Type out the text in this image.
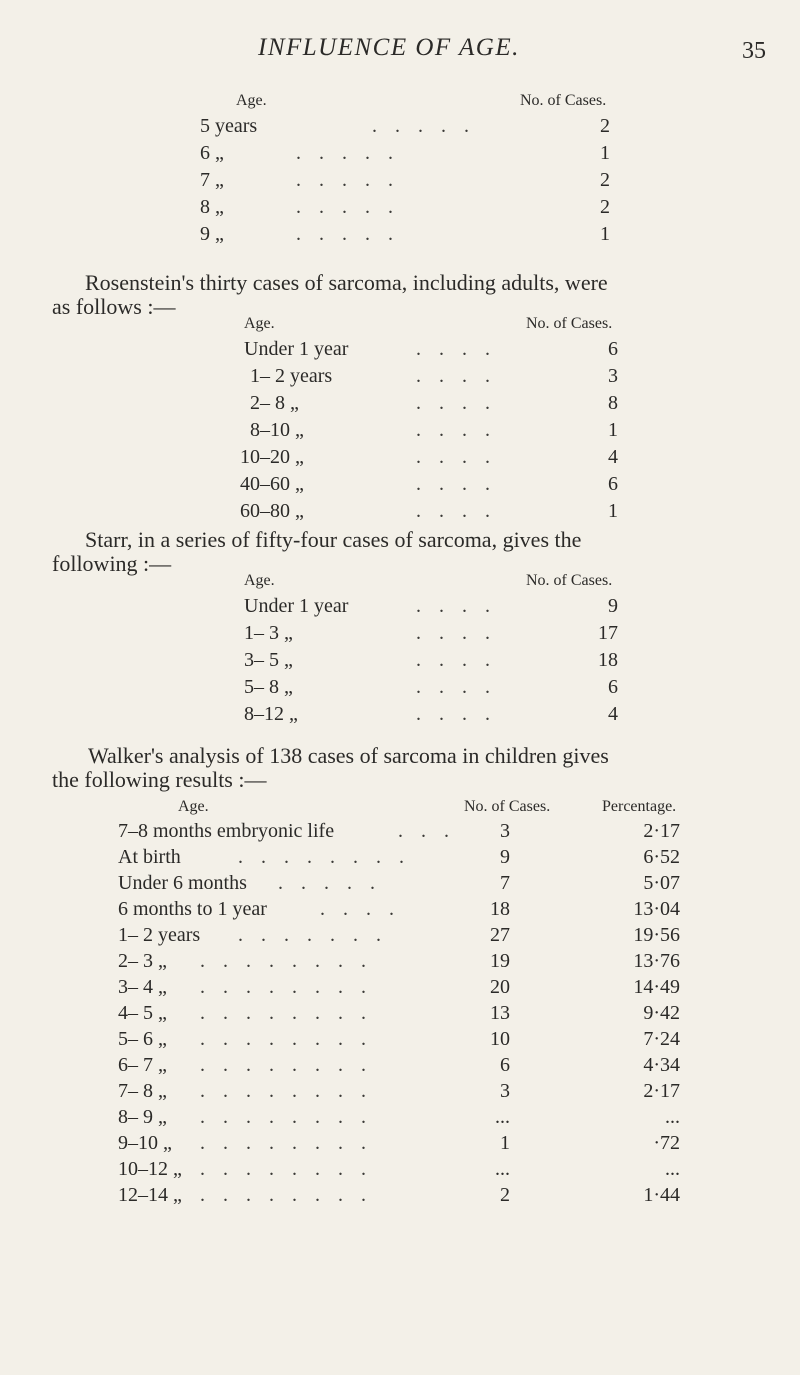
INFLUENCE OF AGE.	35
Age.	No. of Cases.
5 years	.....	2
6 „	.....	1
7 „	.....	2
8 „	.....	2
9 „	.....	1
Rosenstein's thirty cases of sarcoma, including adults, were
as follows :—
Age.	No. of Cases.
Under 1 year	....	6
1– 2 years	....	3
2– 8 „	....	8
8–10 „	....	1
10–20 „	....	4
40–60 „	....	6
60–80 „	....	1
Starr, in a series of fifty-four cases of sarcoma, gives the
following :—
Age.	No. of Cases.
Under 1 year	....	9
1– 3 „	....	17
3– 5 „	....	18
5– 8 „	....	6
8–12 „	....	4
Walker's analysis of 138 cases of sarcoma in children gives
the following results :—
Age.	No. of Cases.	Percentage.
7–8 months embryonic life	...	3	2·17
At birth	........	9	6·52
Under 6 months .....	7	5·07
6 months to 1 year	....	18	13·04
1– 2 years .......	27	19·56
2– 3 „ ........	19	13·76
3– 4 „ ........	20	14·49
4– 5 „ ........	13	9·42
5– 6 „ ........	10	7·24
6– 7 „ ........	6	4·34
7– 8 „ ........	3	2·17
8– 9 „ ........	...	...
9–10 „ ........	1	·72
10–12 „ ........	...	...
12–14 „ ........	2	1·44
